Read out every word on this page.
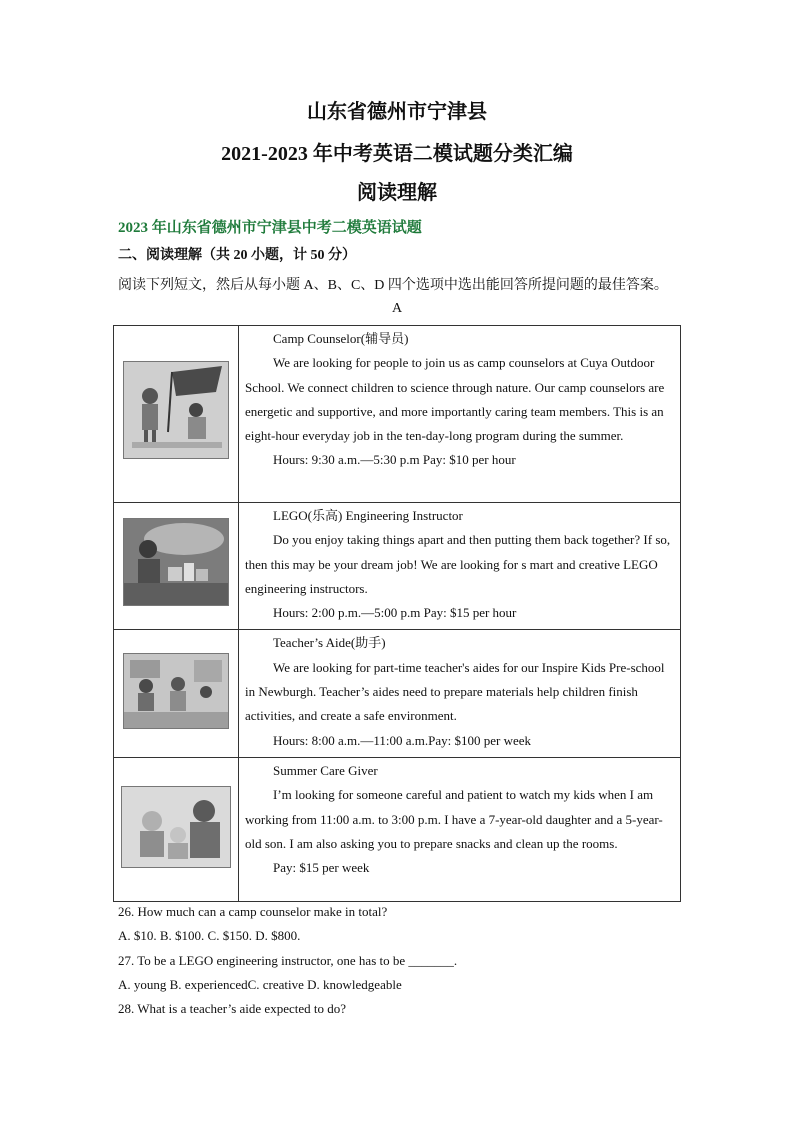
山东省德州市宁津县
2021-2023 年中考英语二模试题分类汇编
阅读理解
2023 年山东省德州市宁津县中考二模英语试题
二、阅读理解（共 20 小题，计 50 分）
阅读下列短文，然后从每小题 A、B、C、D 四个选项中选出能回答所提问题的最佳答案。
A

Camp Counselor(辅导员)

We are looking for people to join us as camp counselors at Cuya Outdoor School. We connect children to science through nature. Our camp counselors are energetic and supportive, and more importantly caring team members. This is an eight-hour everyday job in the ten-day-long program during the summer.

Hours: 9:30 a.m.—5:30 p.m Pay: $10 per hour

LEGO(乐高) Engineering Instructor

Do you enjoy taking things apart and then putting them back together? If so, then this may be your dream job! We are looking for s mart and creative LEGO engineering instructors.

Hours: 2:00 p.m.—5:00 p.m Pay: $15 per hour

Teacher’s Aide(助手)

We are looking for part-time teacher's aides for our Inspire Kids Pre-school in Newburgh. Teacher’s aides need to prepare materials help children finish activities, and create a safe environment.

Hours: 8:00 a.m.—11:00 a.m.Pay: $100 per week

Summer Care Giver

I’m looking for someone careful and patient to watch my kids when I am working from 11:00 a.m. to 3:00 p.m. I have a 7-year-old daughter and a 5-year-old son. I am also asking you to prepare snacks and clean up the rooms.

Pay: $15 per week

26. How much can a camp counselor make in total?

A. $10. B. $100. C. $150. D. $800.

27. To be a LEGO engineering instructor, one has to be _______.

A. young B. experiencedC. creative D. knowledgeable

28. What is a teacher’s aide expected to do?
